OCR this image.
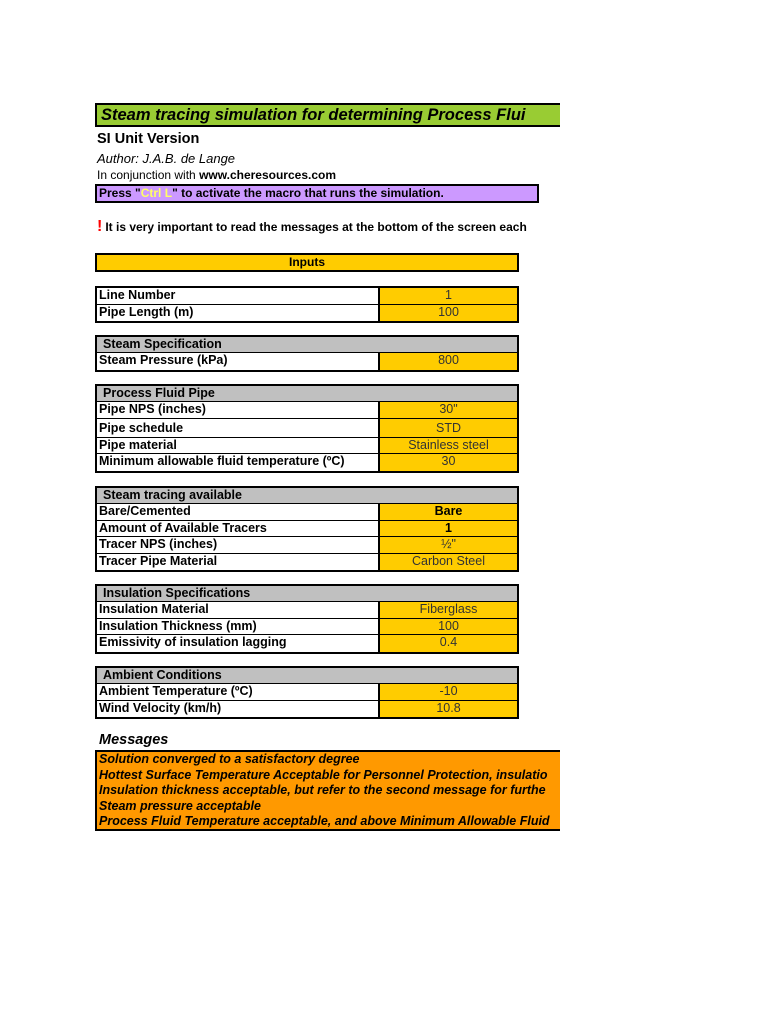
Steam tracing simulation for determining Process Flui
SI Unit Version
Author: J.A.B. de Lange
In conjunction with www.cheresources.com
Press "Ctrl L" to activate the macro that runs the simulation.
! It is very important to read the messages at the bottom of the screen each
Inputs
Line Number	1
Pipe Length (m)	100
Steam Specification
Steam Pressure (kPa)	800
Process Fluid Pipe
Pipe NPS (inches)	30"
Pipe schedule	STD
Pipe material	Stainless steel
Minimum allowable fluid temperature (ºC)	30
Steam tracing available
Bare/Cemented	Bare
Amount of Available Tracers	1
Tracer NPS (inches)	½"
Tracer Pipe Material	Carbon Steel
Insulation Specifications
Insulation Material	Fiberglass
Insulation Thickness (mm)	100
Emissivity of insulation lagging	0.4
Ambient Conditions
Ambient Temperature (ºC)	-10
Wind Velocity (km/h)	10.8
Messages
Solution converged to a satisfactory degree
Hottest Surface Temperature Acceptable for Personnel Protection, insulatio
Insulation thickness acceptable, but refer to the second message for furthe
Steam pressure acceptable
Process Fluid Temperature acceptable, and above Minimum Allowable Fluid
